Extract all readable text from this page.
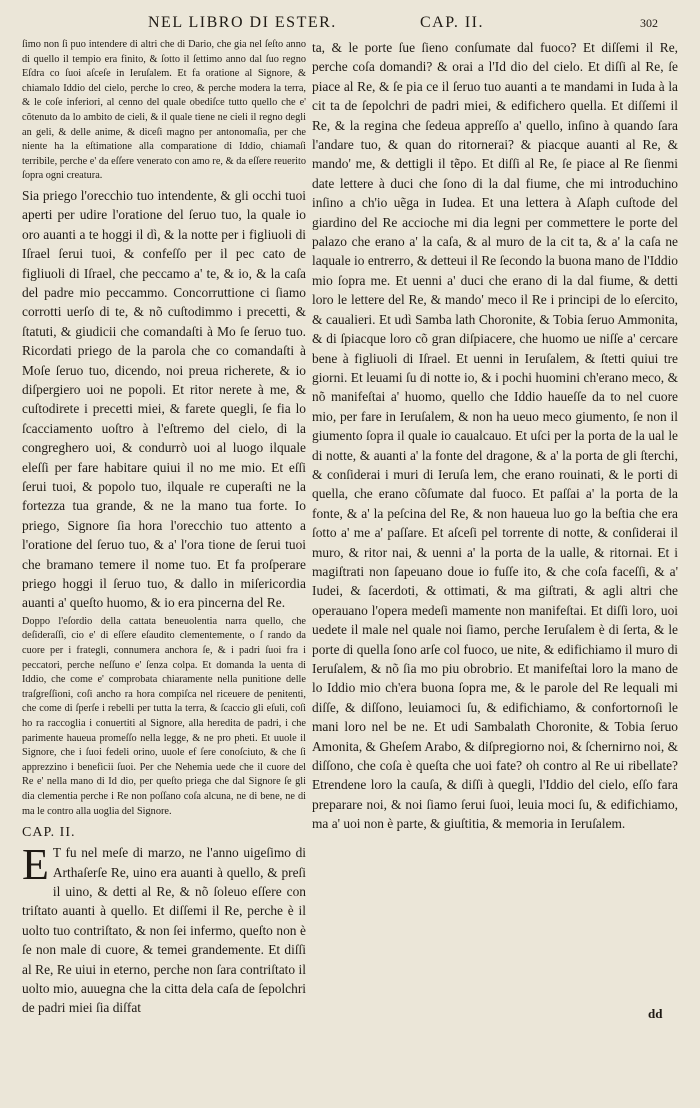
NEL LIBRO DI ESTER.	CAP. II.	302

ſimo non ſi puo intendere di altri che di Dario, che gia nel ſeſto anno di quello il tempio era finito, & ſotto il ſettimo anno dal ſuo regno Eſdra co ſuoi aſceſe in Ieruſalem. Et fa oratione al Signore, & chiamalo Iddio del cielo, perche lo creo, & perche modera la terra, & le coſe inferiori, al cenno del quale obediſce tutto quello che e' cõtenuto da lo ambito de cieli, & il quale tiene ne cieli il regno degli an geli, & delle anime, & diceſi magno per antonomaſia, per che niente ha la eſtimatione alla comparatione di Iddio, chiamaſi terribile, perche e' da eſſere venerato con amo re, & da eſſere reuerito ſopra ogni creatura.

Sia priego l'orecchio tuo intendente, & gli occhi tuoi aperti per udire l'oratione del ſeruo tuo, la quale io oro auanti a te hoggi il dì, & la notte per i figliuoli di Iſrael ſerui tuoi, & confeſſo per il pec cato de figliuoli di Iſrael, che peccamo a' te, & io, & la caſa del padre mio peccammo. Concorruttione ci ſiamo corrotti uerſo di te, & nõ cuſtodimmo i precetti, & ſtatuti, & giudicii che comandaſti à Mo ſe ſeruo tuo. Ricordati priego de la parola che co comandaſti à Moſe ſeruo tuo, dicendo, noi preua richerete, & io diſpergiero uoi ne popoli. Et ritor nerete à me, & cuſtodirete i precetti miei, & farete quegli, ſe fia lo ſcacciamento uoſtro à l'eſtremo del cielo, di la congreghero uoi, & condurrò uoi al luogo ilquale eleſſi per fare habitare quiui il no me mio. Et eſſi ſerui tuoi, & popolo tuo, ilquale re cuperaſti ne la fortezza tua grande, & ne la mano tua forte. Io priego, Signore ſia hora l'orecchio tuo attento a l'oratione del ſeruo tuo, & a' l'ora tione de ſerui tuoi che bramano temere il nome tuo. Et fa proſperare priego hoggi il ſeruo tuo, & dallo in miſericordia auanti a' queſto huomo, & io era pincerna del Re.

Doppo l'eſordio della cattata beneuolentia narra quello, che deſideraſſi, cio e' di eſſere eſaudito clementemente, o ſ rando da cuore per i frategli, connumera anchora ſe, & i padri ſuoi fra i peccatori, perche neſſuno e' ſenza colpa. Et domanda la uenta di Iddio, che come e' comprobata chiaramente nella punitione delle traſgreſſioni, coſi ancho ra hora compiſca nel riceuere de penitenti, che come di ſperſe i rebelli per tutta la terra, & ſcaccio gli eſuli, coſi ho ra raccoglia i conuertiti al Signore, alla heredita de padri, i che parimente haueua promeſſo nella legge, & ne pro pheti. Et uuole il Signore, che i ſuoi fedeli orino, uuole ef ſere conoſciuto, & che ſi apprezzino i beneficii ſuoi. Per che Nehemia uede che il cuore del Re e' nella mano di Id dio, per queſto priega che dal Signore ſe gli dia clementia perche i Re non poſſano coſa alcuna, ne di bene, ne di ma le contro alla uoglia del Signore.

CAP. II.

E T fu nel meſe di marzo, ne l'anno uigeſimo di Arthaſerſe Re, uino era auanti à quello, & preſi il uino, & detti al Re, & nõ ſoleuo eſſere con triſtato auanti à quello. Et diſſemi il Re, perche è il uolto tuo contriſtato, & non ſei infermo, queſto non è ſe non male di cuore, & temei grandemente. Et diſſi al Re, Re uiui in eterno, perche non ſara contriſtato il uolto mio, auuegna che la citta dela caſa de ſepolchri de padri miei ſia diſfat

ta, & le porte ſue ſieno conſumate dal fuoco? Et diſſemi il Re, perche coſa domandi? & orai a l'Id dio del cielo. Et diſſi al Re, ſe piace al Re, & ſe pia ce il ſeruo tuo auanti a te mandami in Iuda à la cit ta de ſepolchri de padri miei, & edifichero quella. Et diſſemi il Re, & la regina che ſedeua appreſſo a' quello, inſino à quando ſara l'andare tuo, & quan do ritornerai? & piacque auanti al Re, & mando' me, & dettigli il tẽpo. Et diſſi al Re, ſe piace al Re ſienmi date lettere à duci che ſono di la dal fiume, che mi introduchino inſino a ch'io uẽga in Iudea. Et una lettera à Aſaph cuſtode del giardino del Re accioche mi dia legni per commettere le porte del palazo che erano a' la caſa, & al muro de la cit ta, & a' la caſa ne laquale io entrerro, & detteui il Re ſecondo la buona mano de l'Iddio mio ſopra me. Et uenni a' duci che erano di la dal fiume, & detti loro le lettere del Re, & mando' meco il Re i principi de lo eſercito, & caualieri. Et udì Samba lath Choronite, & Tobia ſeruo Ammonita, & di ſpiacque loro cõ gran diſpiacere, che huomo ue niſſe a' cercare bene à figliuoli di Iſrael. Et uenni in Ieruſalem, & ſtetti quiui tre giorni. Et leuami ſu di notte io, & i pochi huomini ch'erano meco, & nõ manifeſtai a' huomo, quello che Iddio haueſſe da to nel cuore mio, per fare in Ieruſalem, & non ha ueuo meco giumento, ſe non il giumento ſopra il quale io caualcauo. Et uſci per la porta de la ual le di notte, & auanti a' la fonte del dragone, & a' la porta de gli ſterchi, & conſiderai i muri di Ieruſa lem, che erano rouinati, & le porti di quella, che erano cõſumate dal fuoco. Et paſſai a' la porta de la fonte, & a' la peſcina del Re, & non haueua luo go la beſtia che era ſotto a' me a' paſſare. Et aſceſi pel torrente di notte, & conſiderai il muro, & ritor nai, & uenni a' la porta de la ualle, & ritornai. Et i magiſtrati non ſapeuano doue io fuſſe ito, & che coſa faceſſi, & a' Iudei, & ſacerdoti, & ottimati, & ma giſtrati, & agli altri che operauano l'opera medeſi mamente non manifeſtai. Et diſſi loro, uoi uedete il male nel quale noi ſiamo, perche Ieruſalem è di ſerta, & le porte di quella ſono arſe col fuoco, ue nite, & edifichiamo il muro di Ieruſalem, & nõ ſia mo piu obrobrio. Et manifeſtai loro la mano de lo Iddio mio ch'era buona ſopra me, & le parole del Re lequali mi diſſe, & diſſono, leuiamoci ſu, & edifichiamo, & confortornoſi le mani loro nel be ne. Et udi Sambalath Choronite, & Tobia ſeruo Amonita, & Gheſem Arabo, & diſpregiorno noi, & ſchernirno noi, & diſſono, che coſa è queſta che uoi fate? oh contro al Re ui ribellate? Etrendene loro la cauſa, & diſſi à quegli, l'Iddio del cielo, eſſo fara preparare noi, & noi ſiamo ſerui ſuoi, leuia moci ſu, & edifichiamo, ma a' uoi non è parte, & giuſtitia, & memoria in Ieruſalem.

dd
